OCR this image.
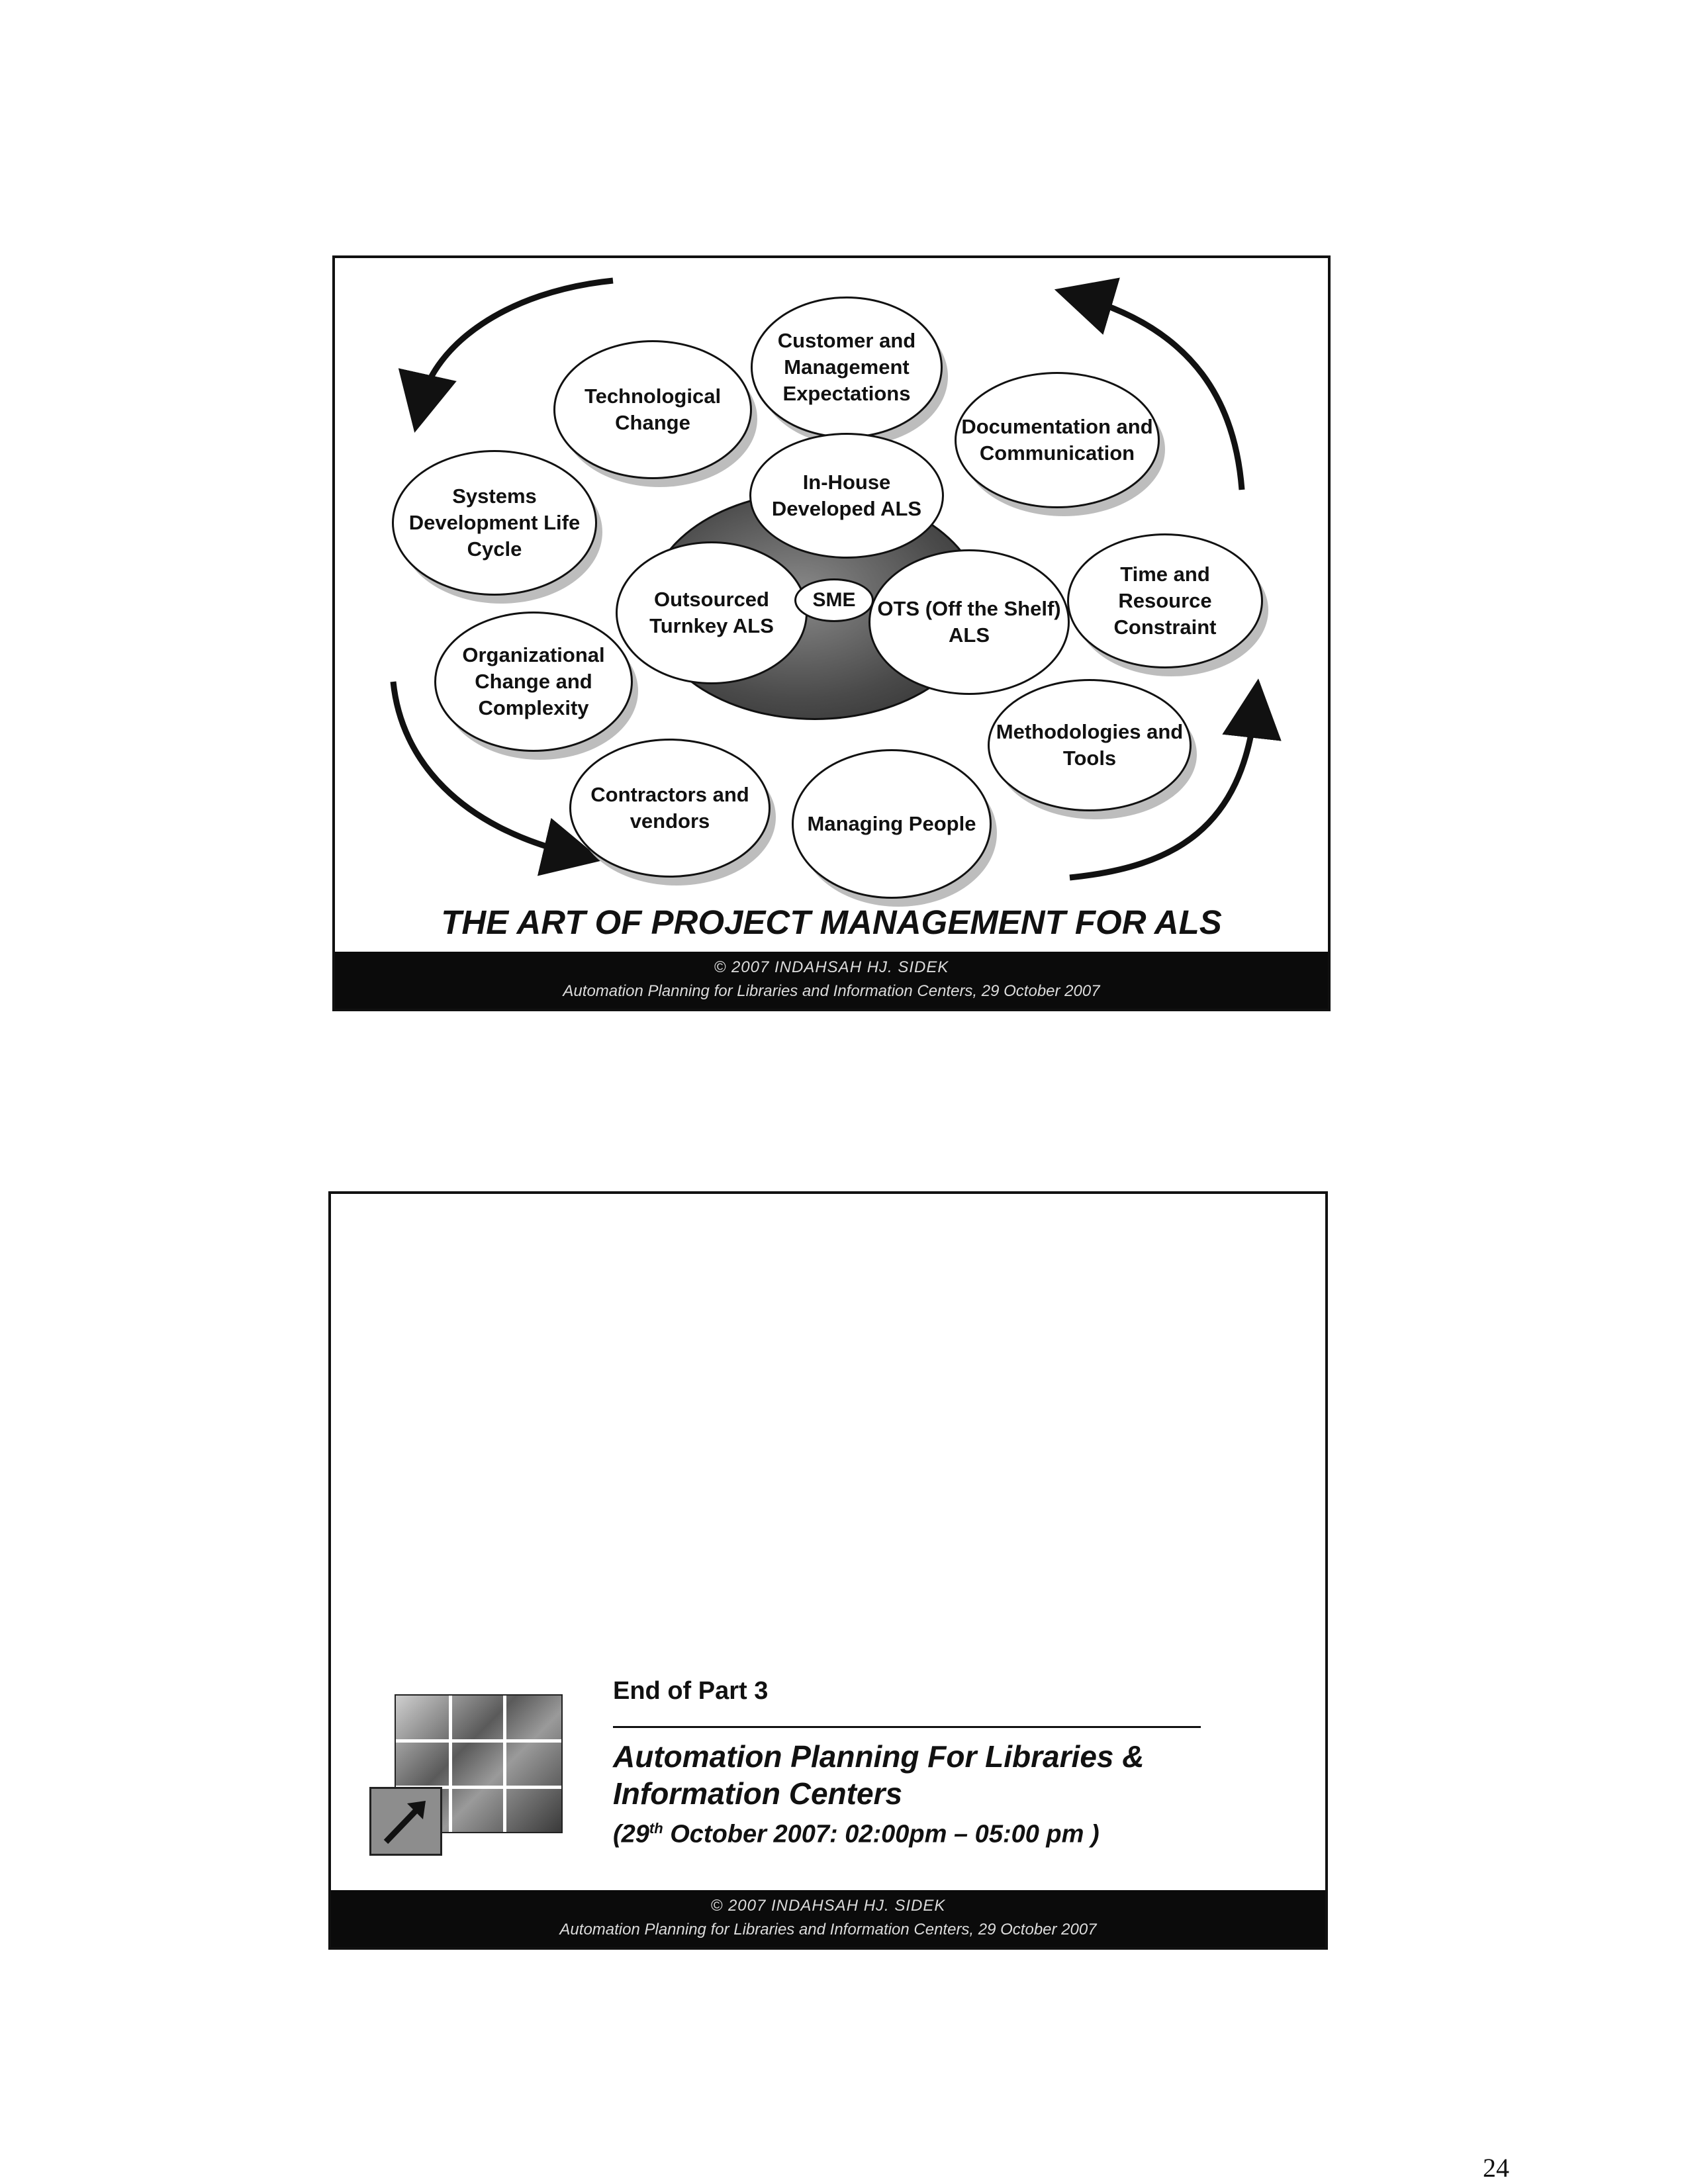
Customer and Management Expectations
Technological Change	Documentation and Communication
Systems Development Life Cycle
Time and Resource Constraint
Organizational Change and Complexity
Methodologies and Tools
Contractors and vendors	Managing People
In-House Developed ALS
Outsourced Turnkey ALS
OTS (Off the Shelf) ALS
SME
THE ART OF PROJECT MANAGEMENT FOR ALS
© 2007 INDAHSAH HJ. SIDEK
Automation Planning for Libraries and Information Centers, 29 October 2007
End of Part 3
Automation Planning For Libraries &
Information Centers
(29th October 2007: 02:00pm – 05:00 pm )
© 2007 INDAHSAH HJ. SIDEK
Automation Planning for Libraries and Information Centers, 29 October 2007
24
